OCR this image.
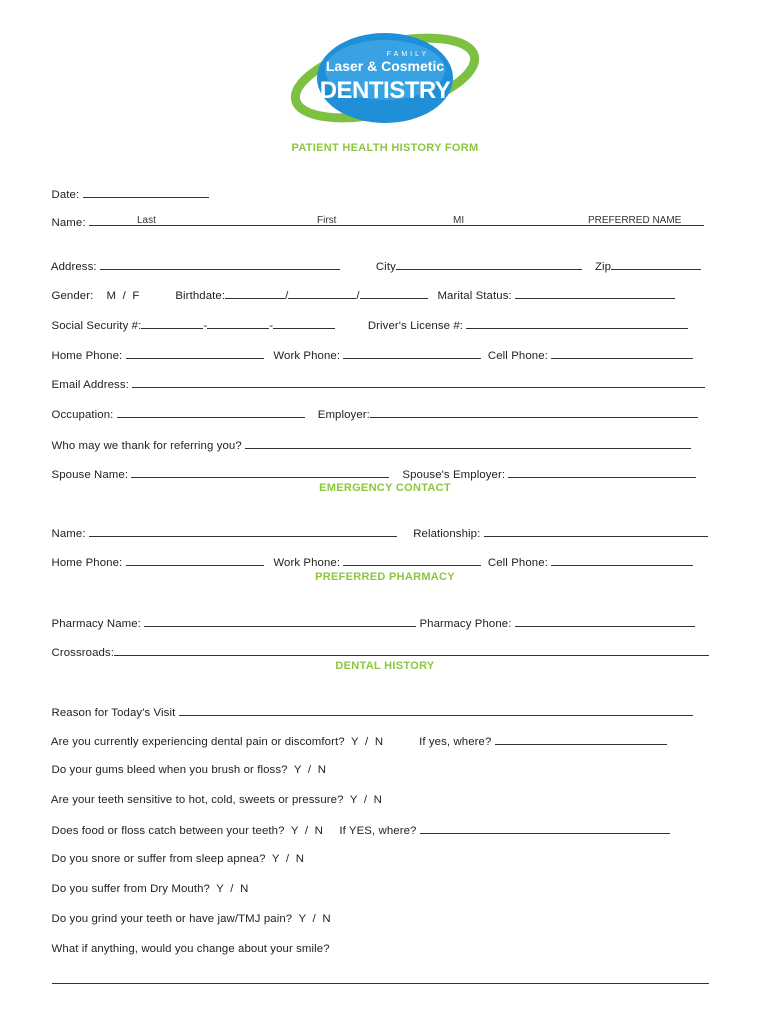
FAMILY
Laser & Cosmetic
DENTISTRY
PATIENT HEALTH HISTORY FORM

Date:

Name:	Last	First	MI	PREFERRED NAME

Address:	City	Zip

Gender: M  /  F	Birthdate:	/	/	Marital Status:

Social Security #:	-	-	Driver's License #:

Home Phone:	Work Phone:	Cell Phone:

Email Address:

Occupation:	Employer:

Who may we thank for referring you?

Spouse Name:	Spouse's Employer:

EMERGENCY CONTACT

Name:	Relationship:

Home Phone:	Work Phone:	Cell Phone:

PREFERRED PHARMACY

Pharmacy Name:	Pharmacy Phone:

Crossroads:

DENTAL HISTORY

Reason for Today's Visit

Are you currently experiencing dental pain or discomfort? Y  /  N	If yes, where?

Do your gums bleed when you brush or floss? Y  /  N

Are your teeth sensitive to hot, cold, sweets or pressure? Y  /  N

Does food or floss catch between your teeth? Y  /  N If YES, where?

Do you snore or suffer from sleep apnea? Y  /  N

Do you suffer from Dry Mouth? Y  /  N

Do you grind your teeth or have jaw/TMJ pain? Y  /  N

What if anything, would you change about your smile?
